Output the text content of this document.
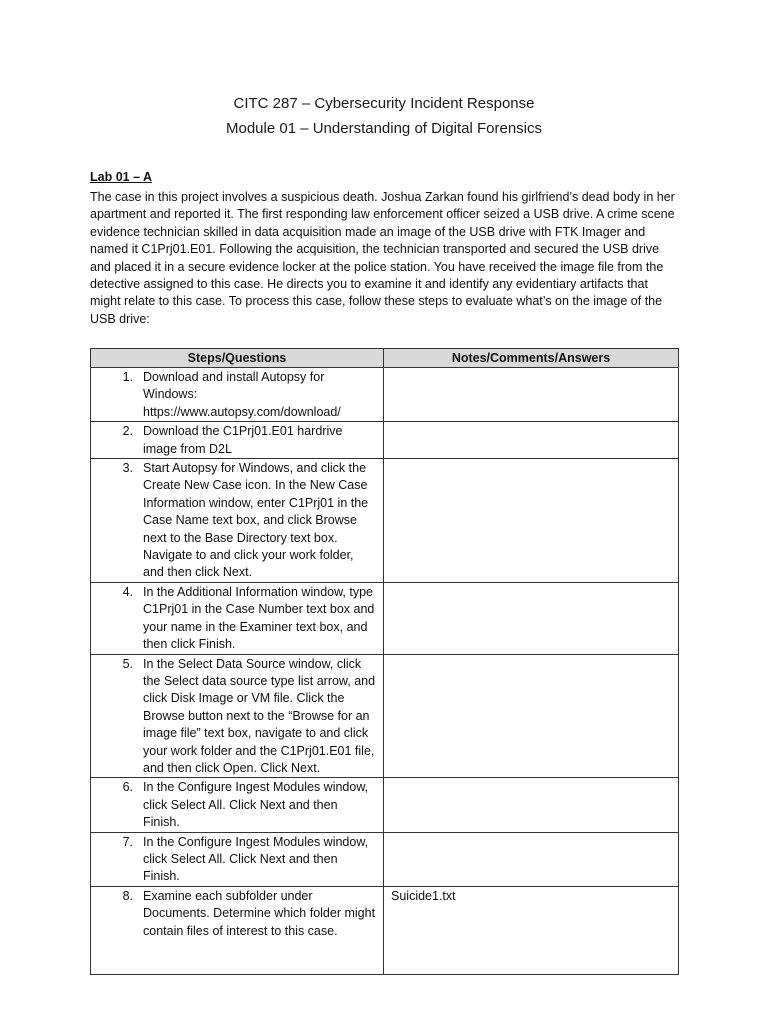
CITC 287 – Cybersecurity Incident Response
Module 01 – Understanding of Digital Forensics
Lab 01 – A

The case in this project involves a suspicious death. Joshua Zarkan found his girlfriend’s dead body in her apartment and reported it. The first responding law enforcement officer seized a USB drive. A crime scene evidence technician skilled in data acquisition made an image of the USB drive with FTK Imager and named it C1Prj01.E01. Following the acquisition, the technician transported and secured the USB drive and placed it in a secure evidence locker at the police station. You have received the image file from the detective assigned to this case. He directs you to examine it and identify any evidentiary artifacts that might relate to this case. To process this case, follow these steps to evaluate what’s on the image of the USB drive:

Steps/Questions	Notes/Comments/Answers

1. Download and install Autopsy for Windows: https://www.autopsy.com/download/	

2. Download the C1Prj01.E01 hardrive image from D2L	

3. Start Autopsy for Windows, and click the Create New Case icon. In the New Case Information window, enter C1Prj01 in the Case Name text box, and click Browse next to the Base Directory text box. Navigate to and click your work folder, and then click Next.	

4. In the Additional Information window, type C1Prj01 in the Case Number text box and your name in the Examiner text box, and then click Finish.	

5. In the Select Data Source window, click the Select data source type list arrow, and click Disk Image or VM file. Click the Browse button next to the “Browse for an image file” text box, navigate to and click your work folder and the C1Prj01.E01 file, and then click Open. Click Next.	

6. In the Configure Ingest Modules window, click Select All. Click Next and then Finish.	

7. In the Configure Ingest Modules window, click Select All. Click Next and then Finish.	

8. Examine each subfolder under Documents. Determine which folder might contain files of interest to this case.	Suicide1.txt
